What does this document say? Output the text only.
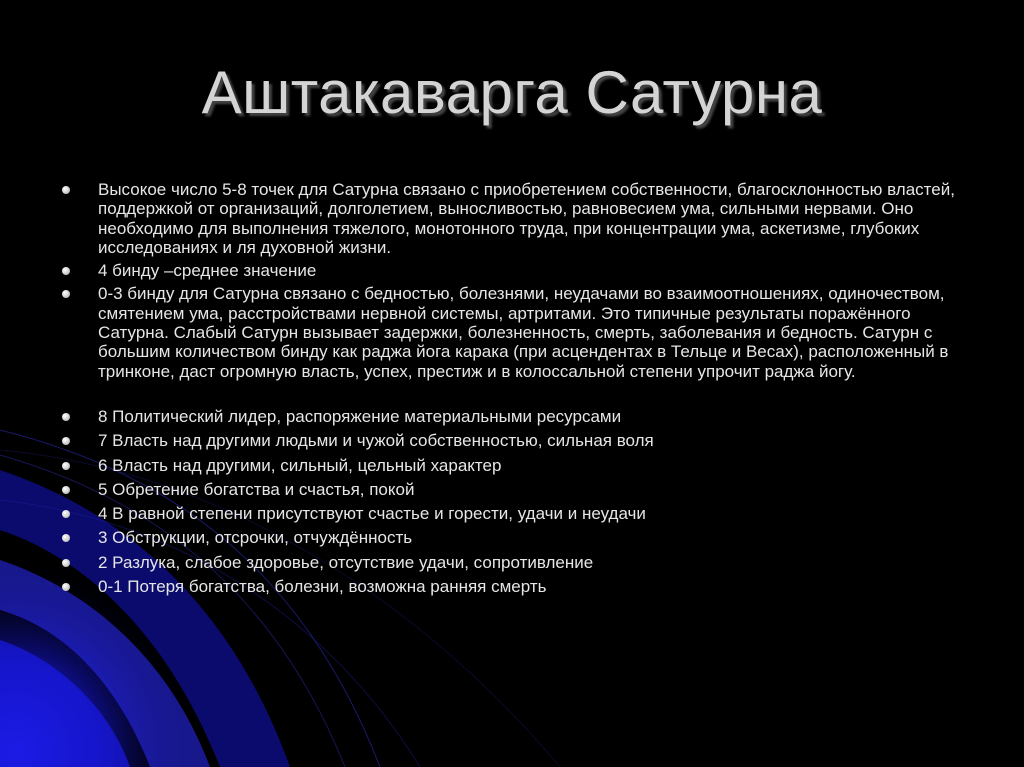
Аштакаварга Сатурна
Высокое число 5-8 точек для Сатурна связано с приобретением собственности, благосклонностью властей, поддержкой от организаций, долголетием, выносливостью, равновесием ума, сильными нервами. Оно необходимо для выполнения тяжелого, монотонного труда, при концентрации ума, аскетизме, глубоких исследованиях и ля духовной жизни.
4 бинду –среднее значение
0-3 бинду для Сатурна связано с бедностью, болезнями, неудачами во взаимоотношениях, одиночеством, смятением ума, расстройствами нервной системы, артритами. Это типичные результаты поражённого Сатурна. Слабый Сатурн вызывает задержки, болезненность, смерть, заболевания и бедность. Сатурн с большим количеством бинду как раджа йога карака (при асцендентах в Тельце и Весах), расположенный в тринконе, даст огромную власть, успех, престиж и в колоссальной степени упрочит раджа йогу.
8 Политический лидер, распоряжение материальными ресурсами
7 Власть над другими людьми и чужой собственностью, сильная воля
6 Власть над другими, сильный, цельный характер
5 Обретение богатства и счастья, покой
4 В равной степени присутствуют счастье и горести, удачи и неудачи
3 Обструкции, отсрочки, отчуждённость
2 Разлука, слабое здоровье, отсутствие удачи, сопротивление
0-1 Потеря богатства, болезни, возможна ранняя смерть
